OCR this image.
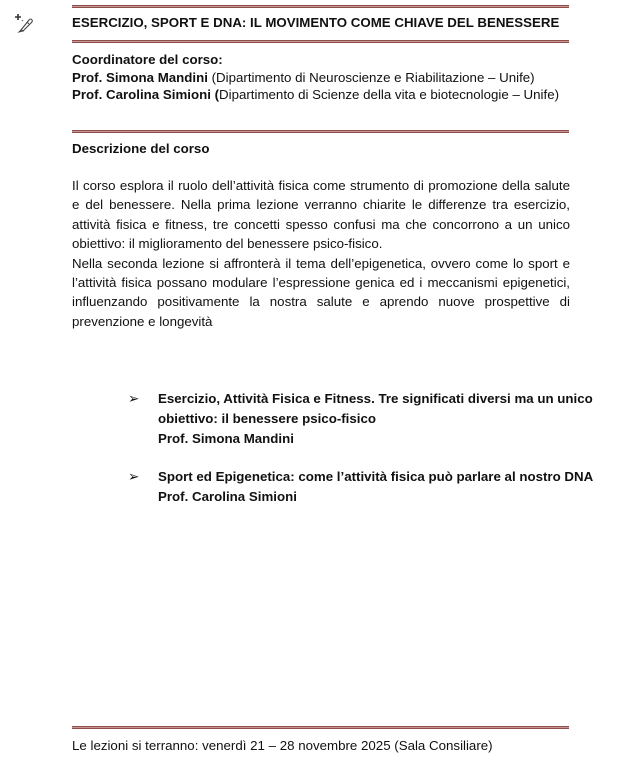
ESERCIZIO, SPORT E DNA: IL MOVIMENTO COME CHIAVE DEL BENESSERE
Coordinatore del corso:
Prof. Simona Mandini (Dipartimento di Neuroscienze e Riabilitazione – Unife)
Prof. Carolina Simioni (Dipartimento di Scienze della vita e biotecnologie – Unife)
Descrizione del corso

Il corso esplora il ruolo dell’attività fisica come strumento di promozione della salute e del benessere. Nella prima lezione verranno chiarite le differenze tra esercizio, attività fisica e fitness, tre concetti spesso confusi ma che concorrono a un unico obiettivo: il miglioramento del benessere psico-fisico.

Nella seconda lezione si affronterà il tema dell’epigenetica, ovvero come lo sport e l’attività fisica possano modulare l’espressione genica ed i meccanismi epigenetici, influenzando positivamente la nostra salute e aprendo nuove prospettive di prevenzione e longevità

➢ Esercizio, Attività Fisica e Fitness. Tre significati diversi ma un unico
obiettivo: il benessere psico-fisico
Prof. Simona Mandini
➢ Sport ed Epigenetica: come l’attività fisica può parlare al nostro DNA
Prof. Carolina Simioni
Le lezioni si terranno: venerdì 21 – 28 novembre 2025 (Sala Consiliare)
